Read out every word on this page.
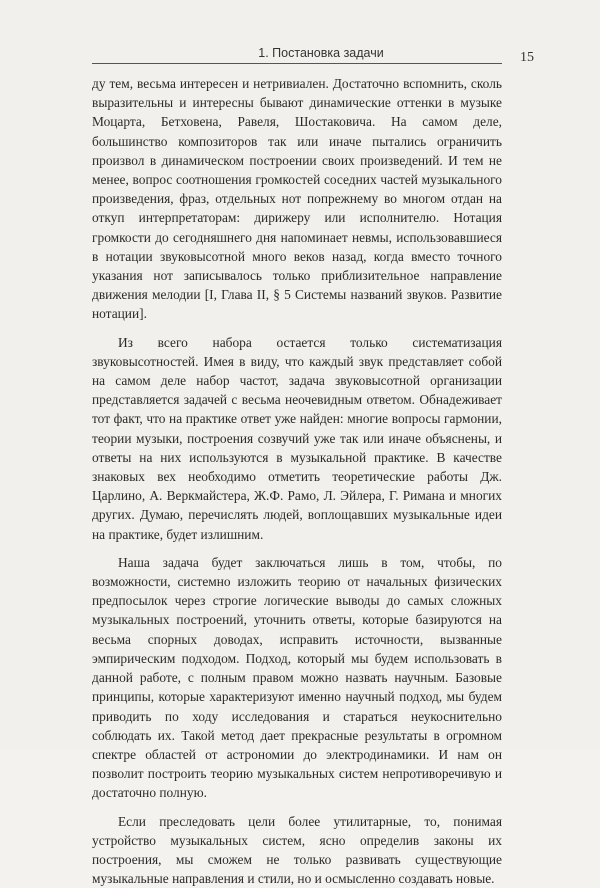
1. Постановка задачи	15

ду тем, весьма интересен и нетривиален. Достаточно вспомнить, сколь выразительны и интересны бывают динамические оттенки в музыке Моцарта, Бетховена, Равеля, Шостаковича. На самом деле, большинство композиторов так или иначе пытались ограничить произвол в динамическом построении своих произведений. И тем не менее, вопрос соотношения громкостей соседних частей музыкального произведения, фраз, отдельных нот попрежнему во многом отдан на откуп интерпретаторам: дирижеру или исполнителю. Нотация громкости до сегодняшнего дня напоминает невмы, использовавшиеся в нотации звуковысотной много веков назад, когда вместо точного указания нот записывалось только приблизительное направление движения мелодии [I, Глава II, § 5 Системы названий звуков. Развитие нотации].

Из всего набора остается только систематизация звуковысотностей. Имея в виду, что каждый звук представляет собой на самом деле набор частот, задача звуковысотной организации представляется задачей с весьма неочевидным ответом. Обнадеживает тот факт, что на практике ответ уже найден: многие вопросы гармонии, теории музыки, построения созвучий уже так или иначе объяснены, и ответы на них используются в музыкальной практике. В качестве знаковых вех необходимо отметить теоретические работы Дж. Царлино, А. Веркмайстера, Ж.Ф. Рамо, Л. Эйлера, Г. Римана и многих других. Думаю, перечислять людей, воплощавших музыкальные идеи на практике, будет излишним.

Наша задача будет заключаться лишь в том, чтобы, по возможности, системно изложить теорию от начальных физических предпосылок через строгие логические выводы до самых сложных музыкальных построений, уточнить ответы, которые базируются на весьма спорных доводах, исправить источности, вызванные эмпирическим подходом. Подход, который мы будем использовать в данной работе, с полным правом можно назвать научным. Базовые принципы, которые характеризуют именно научный подход, мы будем приводить по ходу исследования и стараться неукоснительно соблюдать их. Такой метод дает прекрасные результаты в огромном спектре областей от астрономии до электродинамики. И нам он позволит построить теорию музыкальных систем непротиворечивую и достаточно полную.

Если преследовать цели более утилитарные, то, понимая устройство музыкальных систем, ясно определив законы их построения, мы сможем не только развивать существующие музыкальные направления и стили, но и осмысленно создавать новые.
